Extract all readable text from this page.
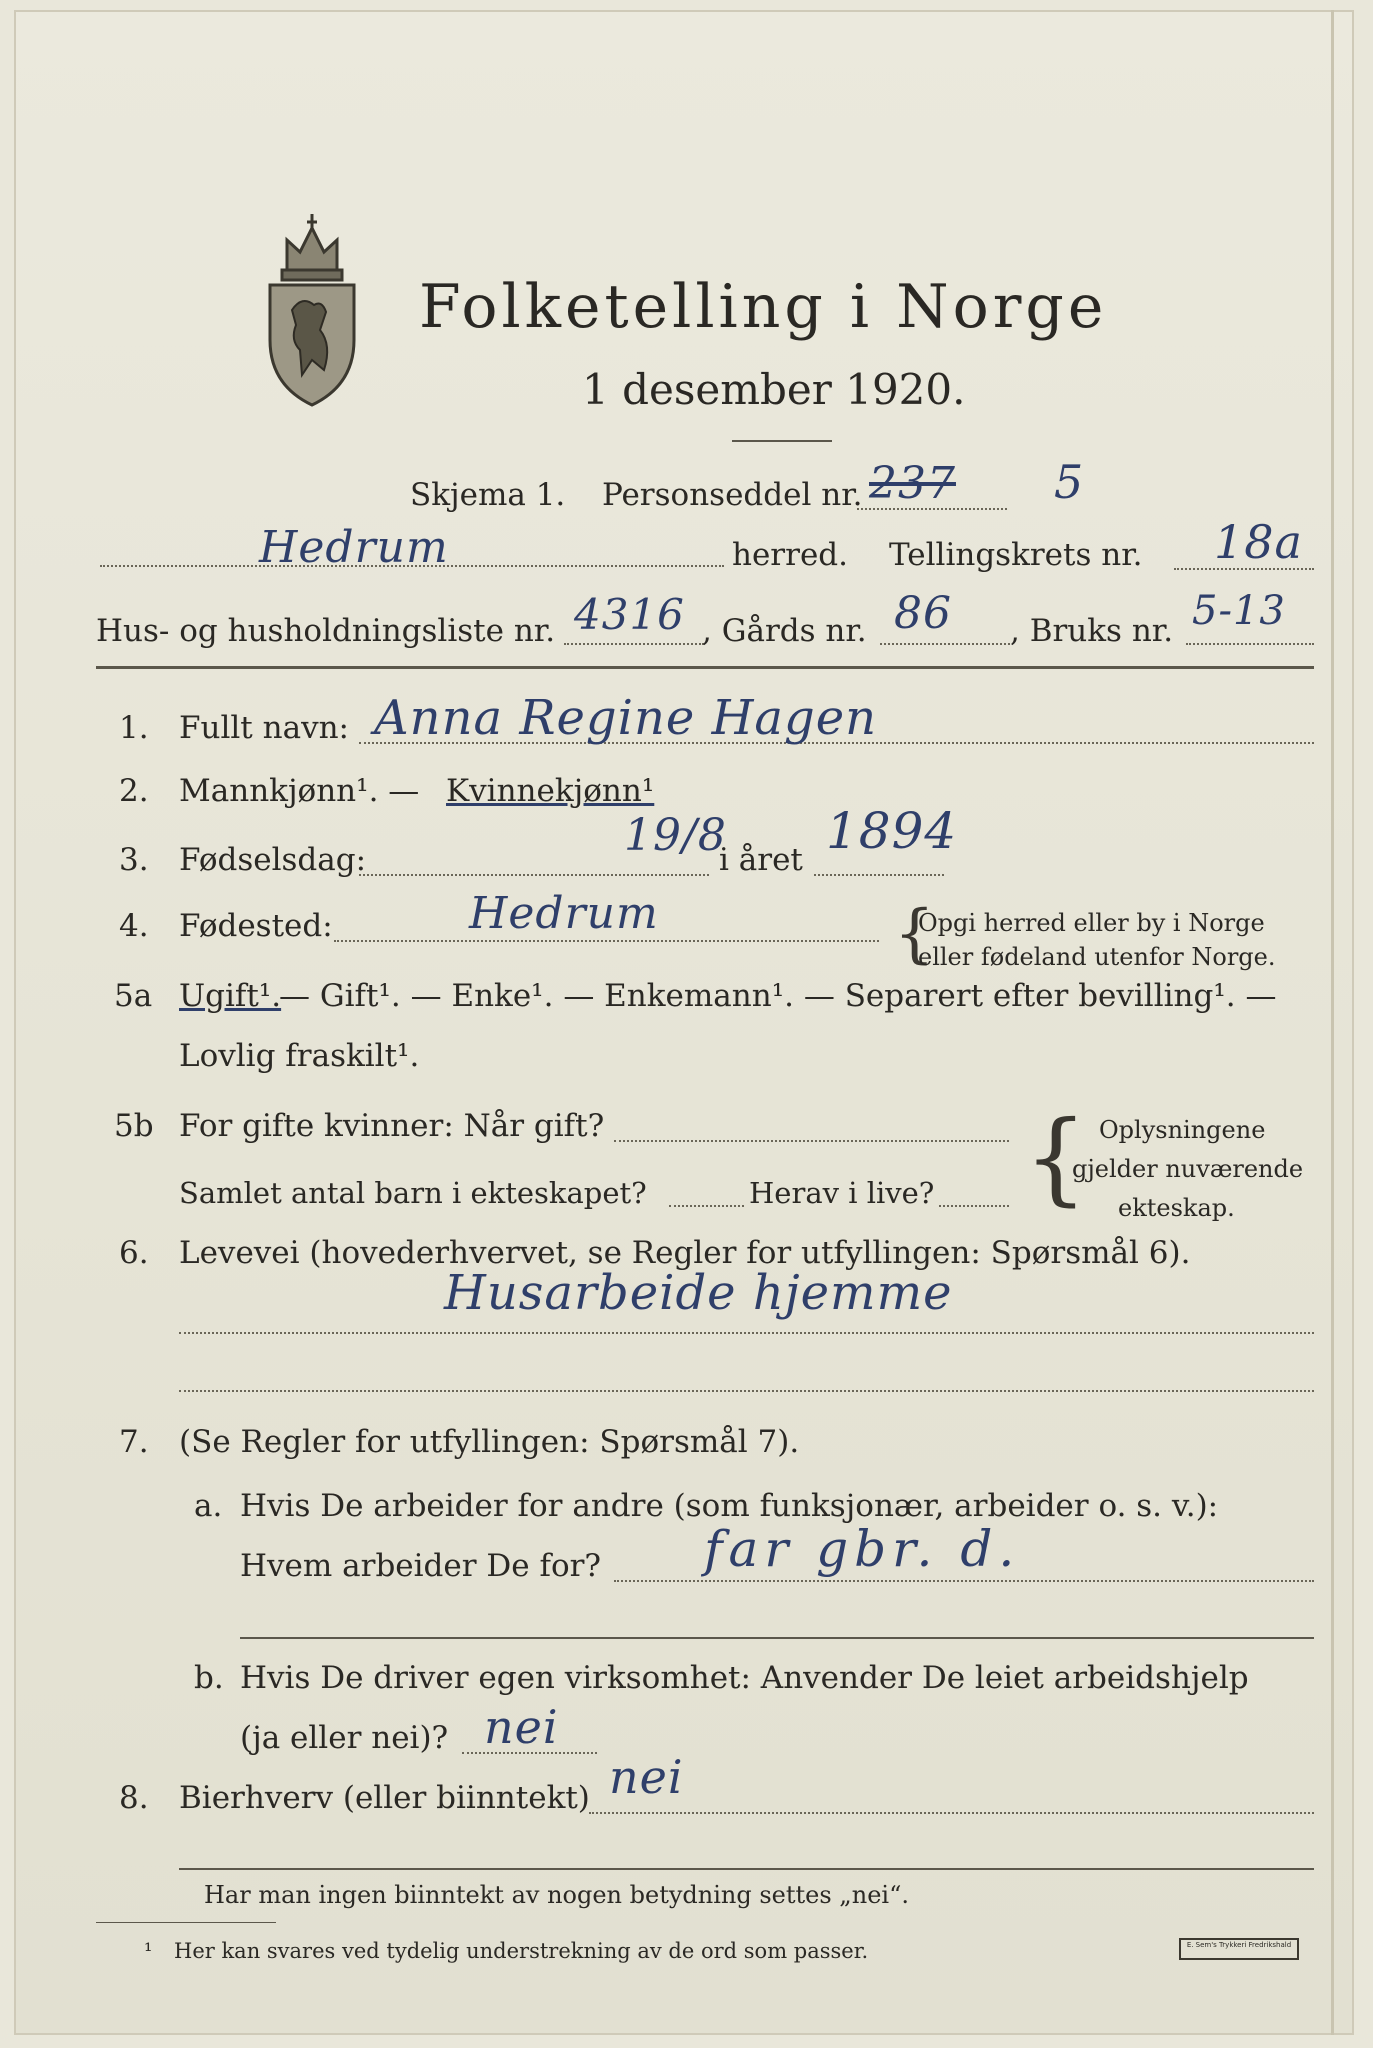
Folketelling i Norge
1 desember 1920.
Skjema 1. Personseddel nr. 237 5
Hedrum	herred. Tellingskrets nr. 18a
Hus- og husholdningsliste nr. 4316 , Gårds nr. 86 , Bruks nr. 5-13
1. Fullt navn: Anna Regine Hagen
2. Mannkjønn¹. — Kvinnekjønn¹
3. Fødselsdag:	19/8
i året 1894
4. Fødested:	Hedrum	{
Opgi herred eller by i Norge
eller fødeland utenfor Norge.
5a Ugift¹.
— Gift¹. — Enke¹. — Enkemann¹. — Separert efter bevilling¹. —
Lovlig fraskilt¹.
5b For gifte kvinner: Når gift?
Samlet antal barn i ekteskapet?	Herav i live? { Oplysningene
gjelder nuværende
ekteskap.
6. Levevei (hovederhvervet, se Regler for utfyllingen: Spørsmål 6).
Husarbeide hjemme
7. (Se Regler for utfyllingen: Spørsmål 7).
a. Hvis De arbeider for andre (som funksjonær, arbeider o. s. v.):
Hvem arbeider De for? far gbr. d.
b. Hvis De driver egen virksomhet: Anvender De leiet arbeidshjelp
(ja eller nei)? nei
8. Bierhverv (eller biinntekt) nei
Har man ingen biinntekt av nogen betydning settes „nei“.
¹ Her kan svares ved tydelig understrekning av de ord som passer.	E. Sem's Trykkeri Fredrikshald
